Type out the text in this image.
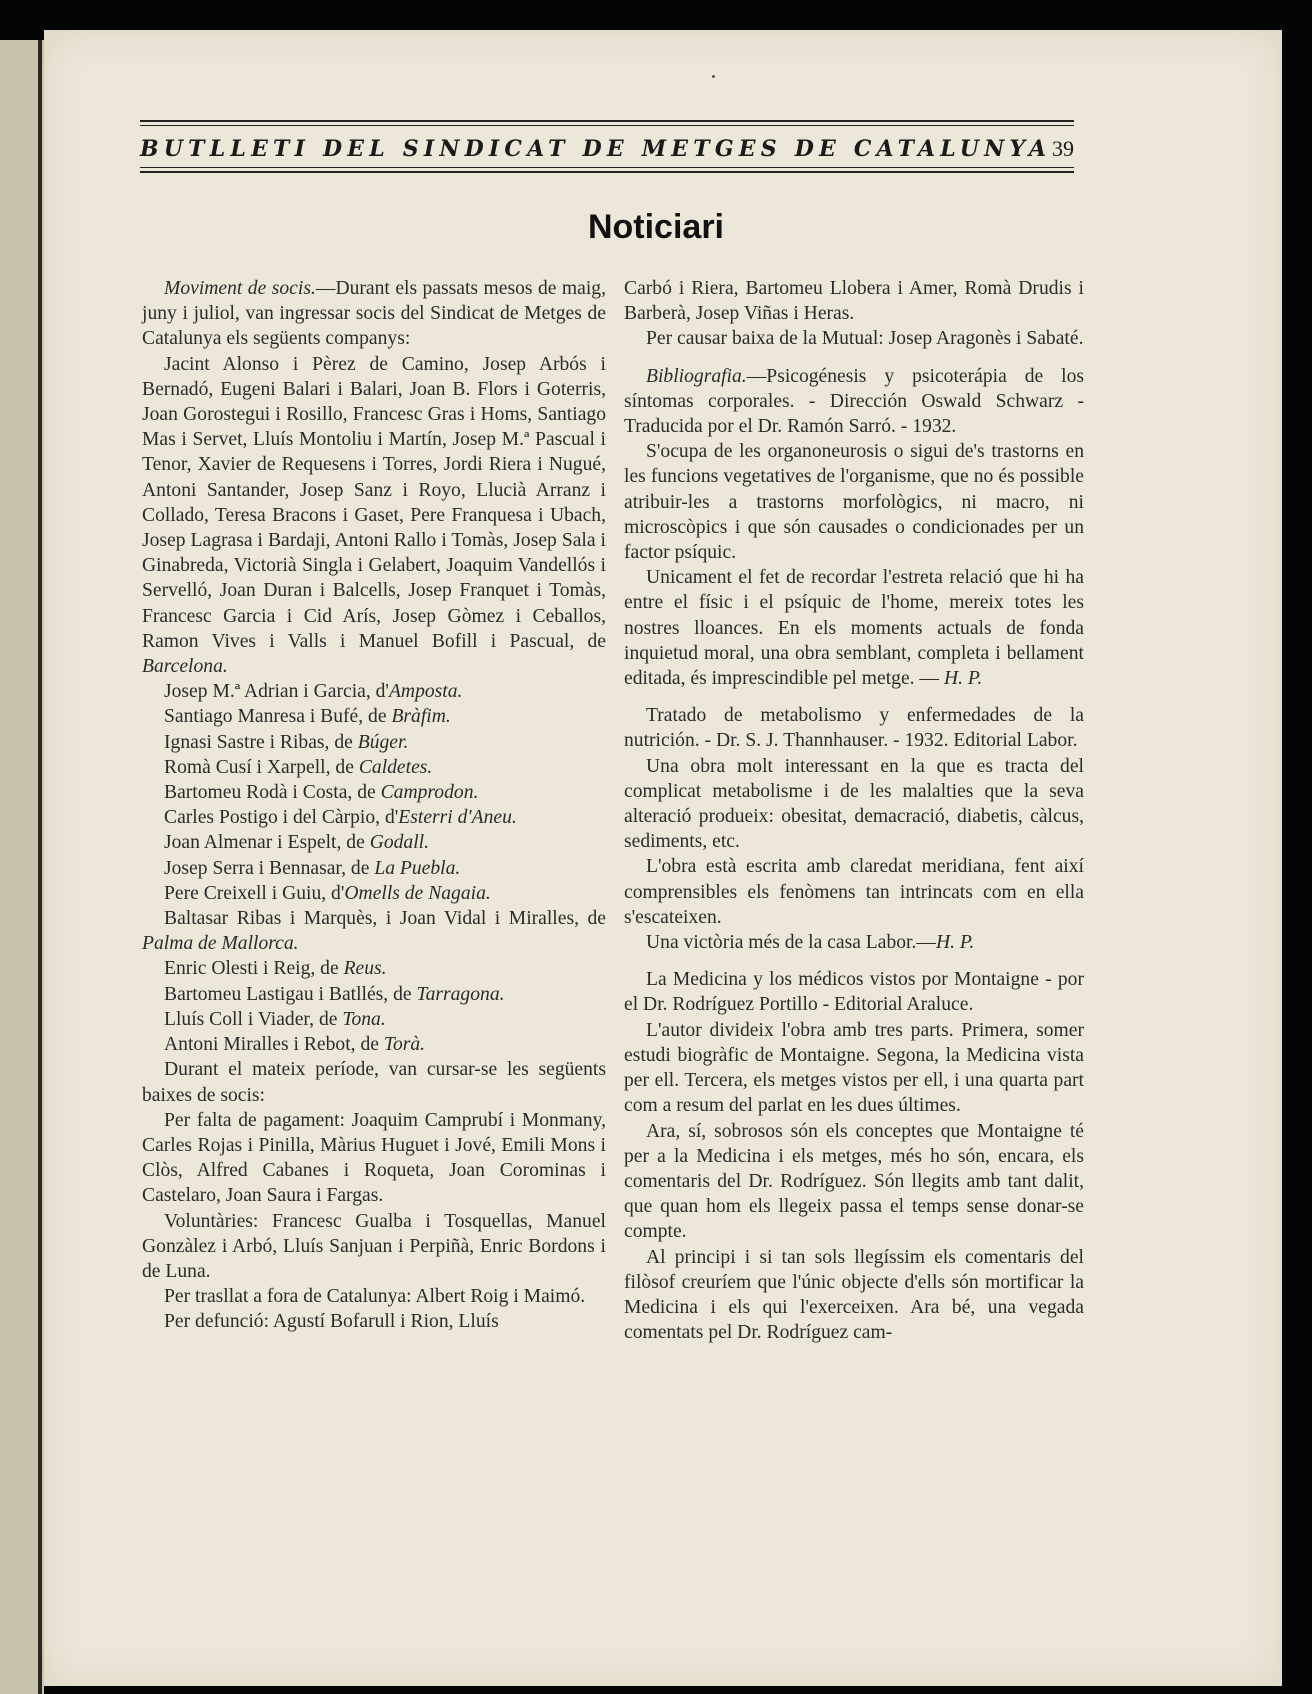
BUTLLETI DEL SINDICAT DE METGES DE CATALUNYA 39
Noticiari

Moviment de socis.—Durant els passats mesos de maig, juny i juliol, van ingressar socis del Sindicat de Metges de Catalunya els següents companys:

Jacint Alonso i Pèrez de Camino, Josep Arbós i Bernadó, Eugeni Balari i Balari, Joan B. Flors i Goterris, Joan Gorostegui i Rosillo, Francesc Gras i Homs, Santiago Mas i Servet, Lluís Montoliu i Martín, Josep M.ª Pascual i Tenor, Xavier de Requesens i Torres, Jordi Riera i Nugué, Antoni Santander, Josep Sanz i Royo, Llucià Arranz i Collado, Teresa Bracons i Gaset, Pere Franquesa i Ubach, Josep Lagrasa i Bardaji, Antoni Rallo i Tomàs, Josep Sala i Ginabreda, Victorià Singla i Gelabert, Joaquim Vandellós i Servelló, Joan Duran i Balcells, Josep Franquet i Tomàs, Francesc Garcia i Cid Arís, Josep Gòmez i Ceballos, Ramon Vives i Valls i Manuel Bofill i Pascual, de Barcelona.

Josep M.ª Adrian i Garcia, d'Amposta.

Santiago Manresa i Bufé, de Bràfim.

Ignasi Sastre i Ribas, de Búger.

Romà Cusí i Xarpell, de Caldetes.

Bartomeu Rodà i Costa, de Camprodon.

Carles Postigo i del Càrpio, d'Esterri d'Aneu.

Joan Almenar i Espelt, de Godall.

Josep Serra i Bennasar, de La Puebla.

Pere Creixell i Guiu, d'Omells de Nagaia.

Baltasar Ribas i Marquès, i Joan Vidal i Miralles, de Palma de Mallorca.

Enric Olesti i Reig, de Reus.

Bartomeu Lastigau i Batllés, de Tarragona.

Lluís Coll i Viader, de Tona.

Antoni Miralles i Rebot, de Torà.

Durant el mateix període, van cursar-se les següents baixes de socis:

Per falta de pagament: Joaquim Camprubí i Monmany, Carles Rojas i Pinilla, Màrius Huguet i Jové, Emili Mons i Clòs, Alfred Cabanes i Roqueta, Joan Corominas i Castelaro, Joan Saura i Fargas.

Voluntàries: Francesc Gualba i Tosquellas, Manuel Gonzàlez i Arbó, Lluís Sanjuan i Perpiñà, Enric Bordons i de Luna.

Per trasllat a fora de Catalunya: Albert Roig i Maimó.

Per defunció: Agustí Bofarull i Rion, Lluís

Carbó i Riera, Bartomeu Llobera i Amer, Romà Drudis i Barberà, Josep Viñas i Heras.

Per causar baixa de la Mutual: Josep Aragonès i Sabaté.

Bibliografia.—Psicogénesis y psicoterápia de los síntomas corporales. - Dirección Oswald Schwarz - Traducida por el Dr. Ramón Sarró. - 1932.

S'ocupa de les organoneurosis o sigui de's trastorns en les funcions vegetatives de l'organisme, que no és possible atribuir-les a trastorns morfològics, ni macro, ni microscòpics i que són causades o condicionades per un factor psíquic.

Unicament el fet de recordar l'estreta relació que hi ha entre el físic i el psíquic de l'home, mereix totes les nostres lloances. En els moments actuals de fonda inquietud moral, una obra semblant, completa i bellament editada, és imprescindible pel metge. — H. P.

Tratado de metabolismo y enfermedades de la nutrición. - Dr. S. J. Thannhauser. - 1932. Editorial Labor.

Una obra molt interessant en la que es tracta del complicat metabolisme i de les malalties que la seva alteració produeix: obesitat, demacració, diabetis, càlcus, sediments, etc.

L'obra està escrita amb claredat meridiana, fent així comprensibles els fenòmens tan intrincats com en ella s'escateixen.

Una victòria més de la casa Labor.—H. P.

La Medicina y los médicos vistos por Montaigne - por el Dr. Rodríguez Portillo - Editorial Araluce.

L'autor divideix l'obra amb tres parts. Primera, somer estudi biogràfic de Montaigne. Segona, la Medicina vista per ell. Tercera, els metges vistos per ell, i una quarta part com a resum del parlat en les dues últimes.

Ara, sí, sobrosos són els conceptes que Montaigne té per a la Medicina i els metges, més ho són, encara, els comentaris del Dr. Rodríguez. Són llegits amb tant dalit, que quan hom els llegeix passa el temps sense donar-se compte.

Al principi i si tan sols llegíssim els comentaris del filòsof creuríem que l'únic objecte d'ells són mortificar la Medicina i els qui l'exerceixen. Ara bé, una vegada comentats pel Dr. Rodríguez cam-
